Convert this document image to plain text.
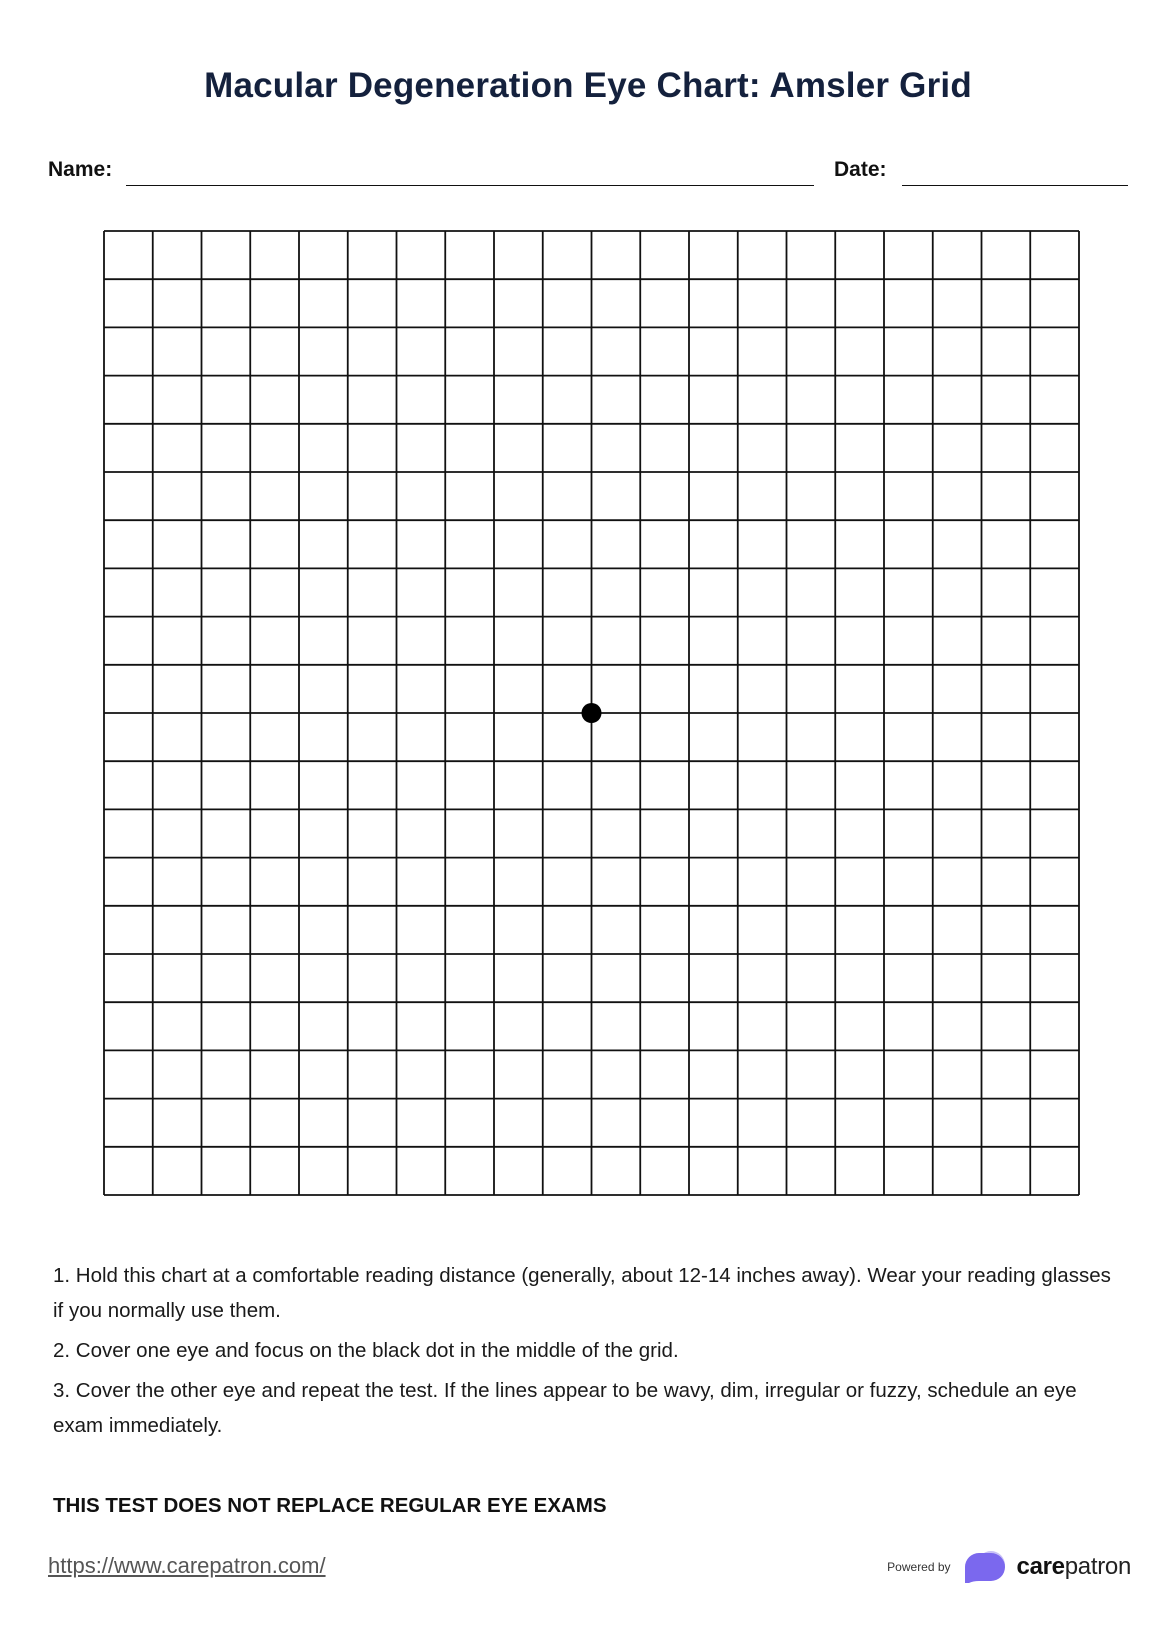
Macular Degeneration Eye Chart: Amsler Grid
Name:	Date:

1. Hold this chart at a comfortable reading distance (generally, about 12-14 inches away). Wear your reading glasses if you normally use them.

2. Cover one eye and focus on the black dot in the middle of the grid.

3. Cover the other eye and repeat the test. If the lines appear to be wavy, dim, irregular or fuzzy, schedule an eye exam immediately.

THIS TEST DOES NOT REPLACE REGULAR EYE EXAMS
https://www.carepatron.com/	Powered by	carepatron
